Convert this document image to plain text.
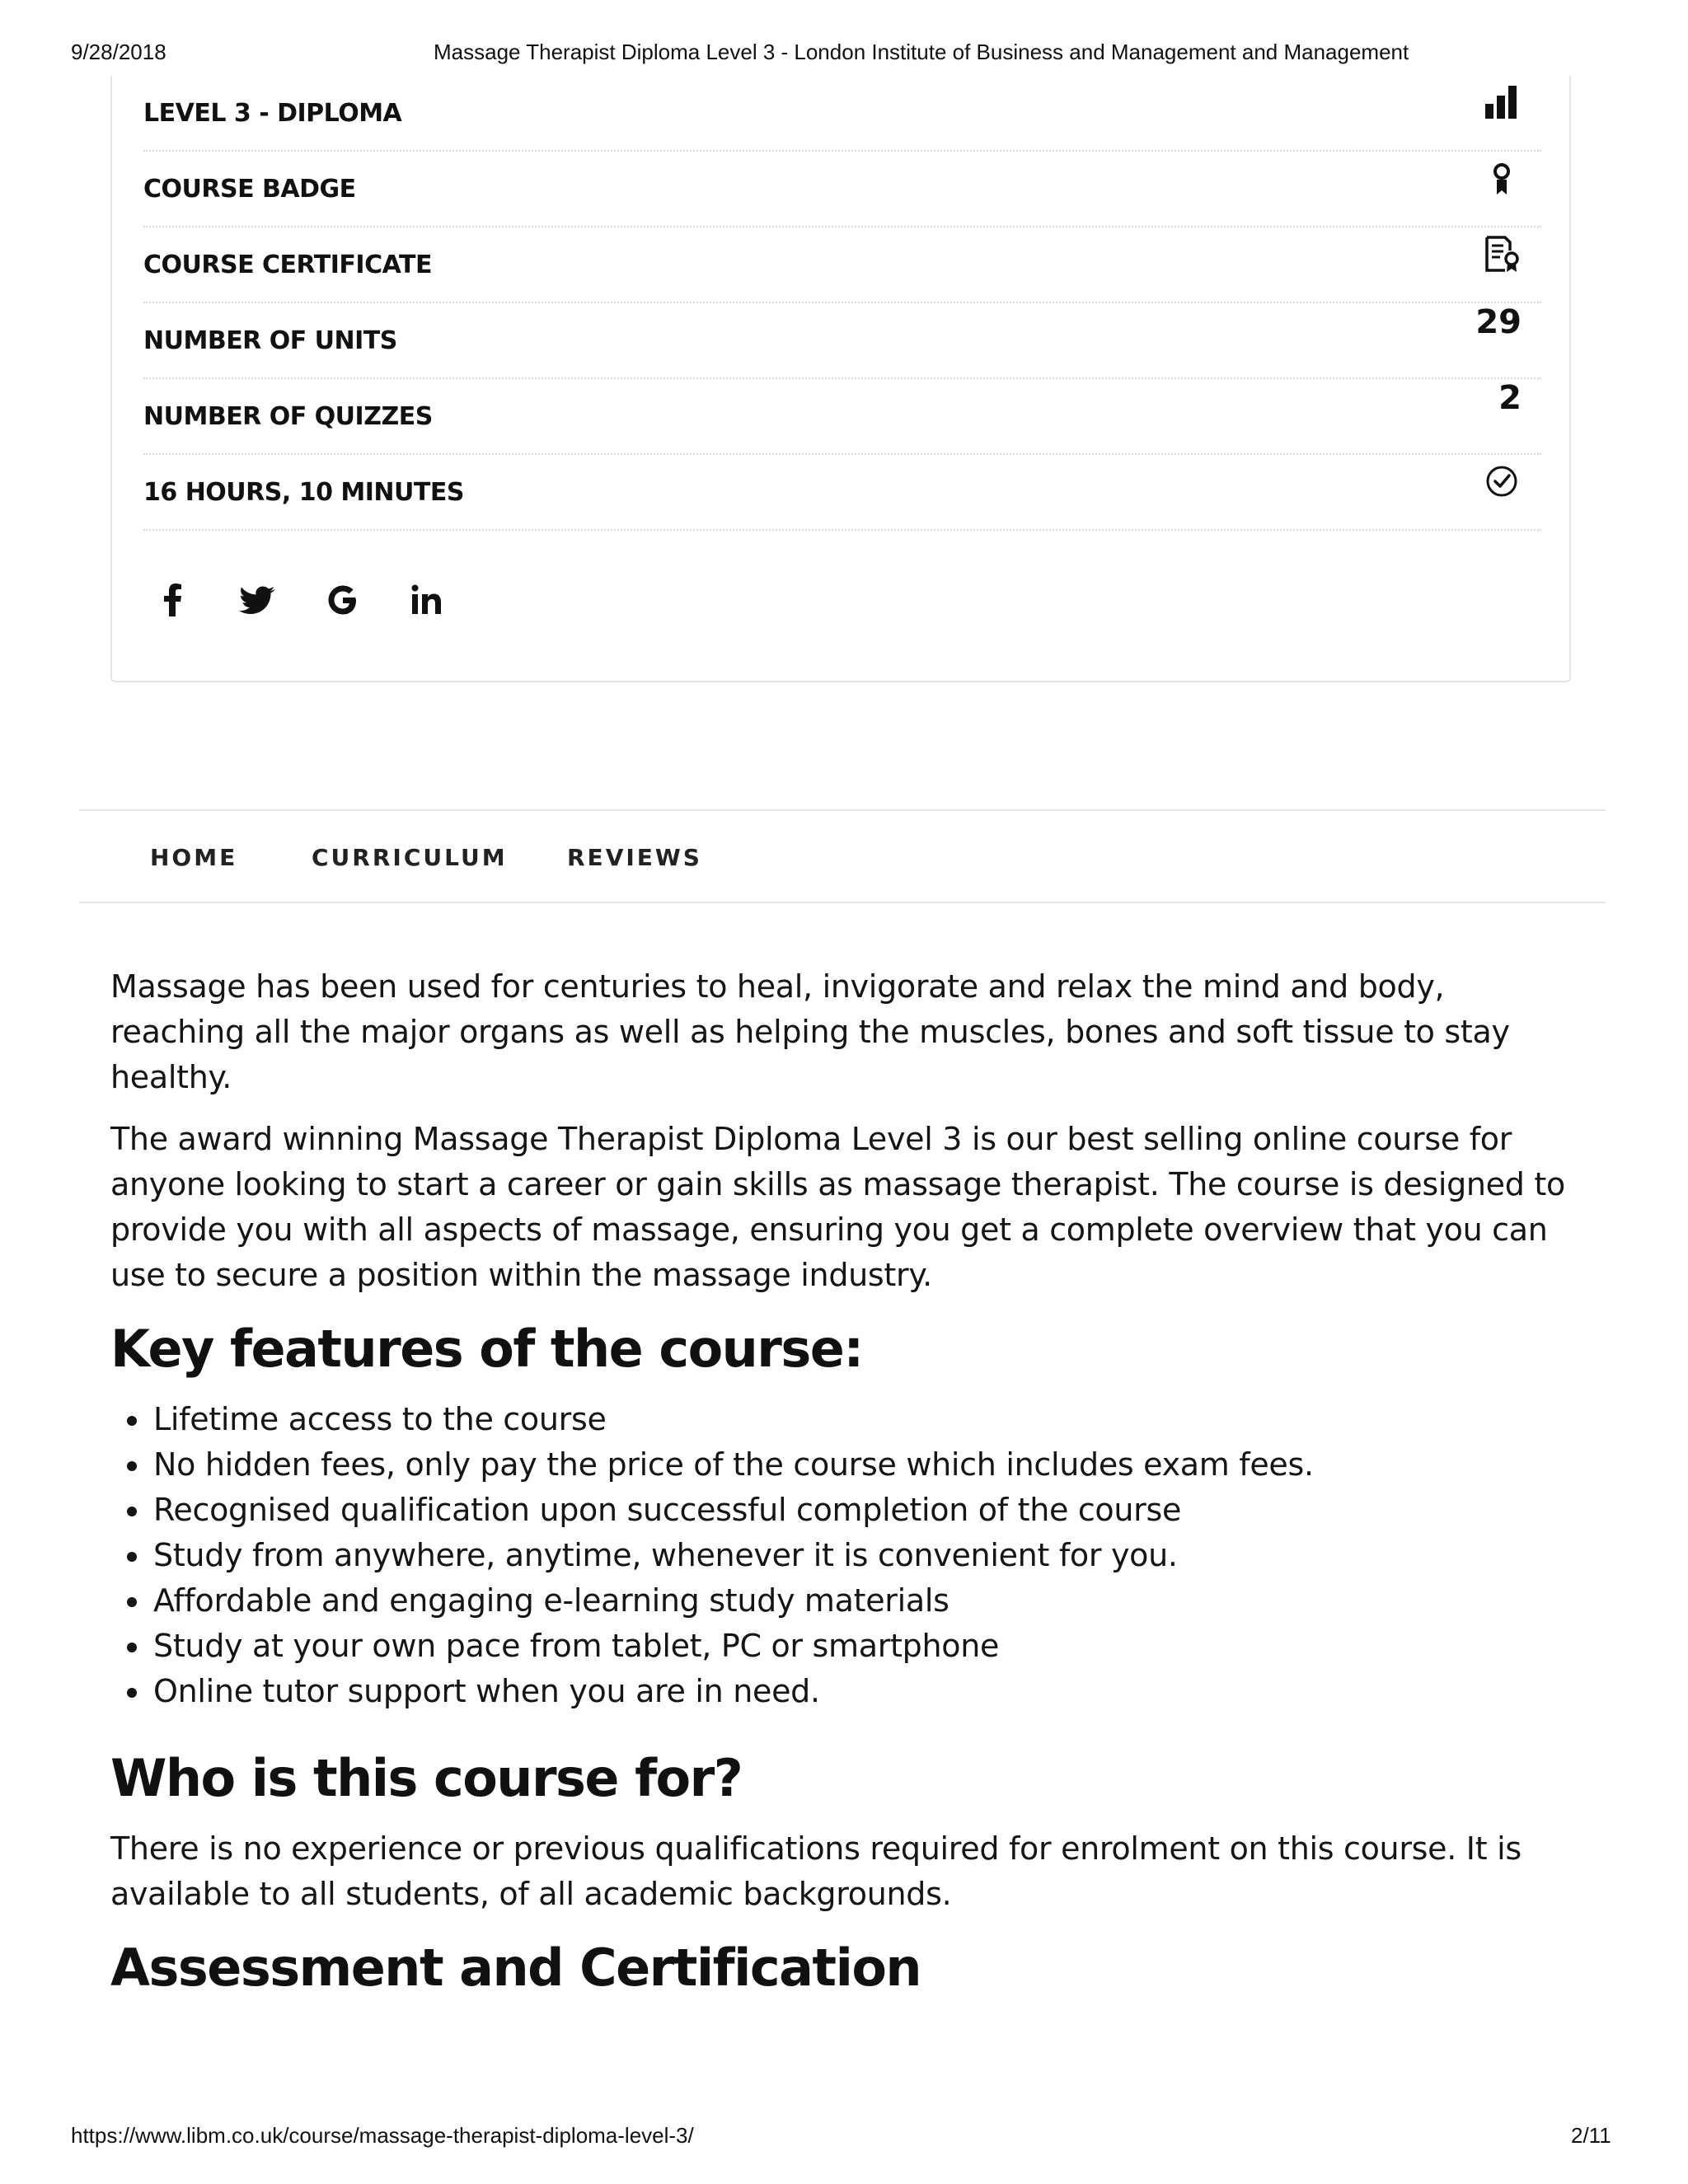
9/28/2018	Massage Therapist Diploma Level 3 - London Institute of Business and Management and Management
LEVEL 3 - DIPLOMA
COURSE BADGE
COURSE CERTIFICATE
NUMBER OF UNITS	29
NUMBER OF QUIZZES	2
16 HOURS, 10 MINUTES
HOME	CURRICULUM	REVIEWS

Massage has been used for centuries to heal, invigorate and relax the mind and body, reaching all the major organs as well as helping the muscles, bones and soft tissue to stay healthy.

The award winning Massage Therapist Diploma Level 3 is our best selling online course for anyone looking to start a career or gain skills as massage therapist. The course is designed to provide you with all aspects of massage, ensuring you get a complete overview that you can use to secure a position within the massage industry.

Key features of the course:
• Lifetime access to the course
• No hidden fees, only pay the price of the course which includes exam fees.
• Recognised qualification upon successful completion of the course
• Study from anywhere, anytime, whenever it is convenient for you.
• Affordable and engaging e-learning study materials
• Study at your own pace from tablet, PC or smartphone
• Online tutor support when you are in need.
Who is this course for?

There is no experience or previous qualifications required for enrolment on this course. It is available to all students, of all academic backgrounds.

Assessment and Certification
https://www.libm.co.uk/course/massage-therapist-diploma-level-3/	2/11
